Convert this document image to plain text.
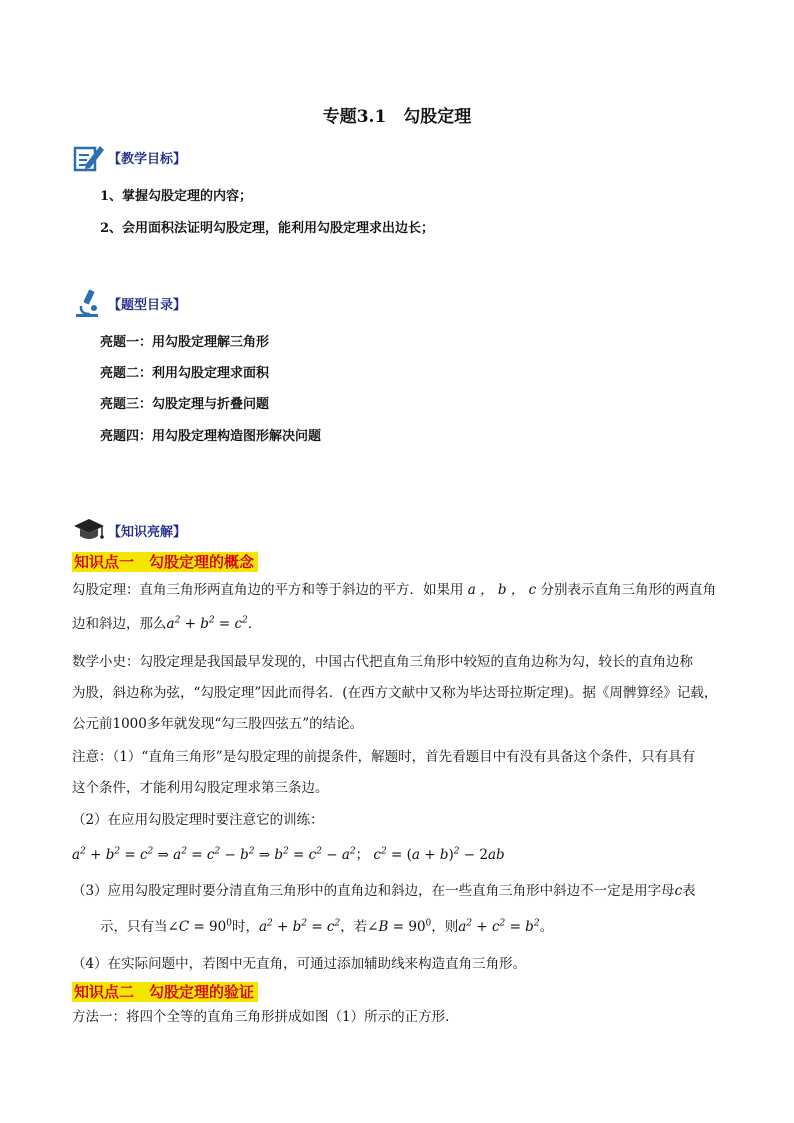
专题3.1　勾股定理
【教学目标】
1、掌握勾股定理的内容；
2、会用面积法证明勾股定理，能利用勾股定理求出边长；
【题型目录】
亮题一：用勾股定理解三角形
亮题二：利用勾股定理求面积
亮题三：勾股定理与折叠问题
亮题四：用勾股定理构造图形解决问题
【知识亮解】
知识点一　勾股定理的概念
勾股定理：直角三角形两直角边的平方和等于斜边的平方．如果用 a ， b ， c 分别表示直角三角形的两直角
边和斜边，那么$a^2 + b^2 = c^2$．
数学小史：勾股定理是我国最早发现的，中国古代把直角三角形中较短的直角边称为勾，较长的直角边称
为股，斜边称为弦，“勾股定理”因此而得名．(在西方文献中又称为毕达哥拉斯定理)。据《周髀算经》记载，
公元前1000多年就发现“勾三股四弦五”的结论。
注意：（1）“直角三角形”是勾股定理的前提条件，解题时，首先看题目中有没有具备这个条件，只有具有
这个条件，才能利用勾股定理求第三条边。
（2）在应用勾股定理时要注意它的训练：
$a^2 + b^2 = c^2$ ⇒ $a^2 = c^2 - b^2$ ⇒ $b^2 = c^2 - a^2$； $c^2 = (a + b)^2 - 2ab$
（3）应用勾股定理时要分清直角三角形中的直角边和斜边，在一些直角三角形中斜边不一定是用字母c表
示，只有当∠C = $90^0$时，$a^2 + b^2 = c^2$，若∠B = $90^0$，则$a^2 + c^2 = b^2$。
（4）在实际问题中，若图中无直角，可通过添加辅助线来构造直角三角形。
知识点二　勾股定理的验证
方法一：将四个全等的直角三角形拼成如图（1）所示的正方形．
